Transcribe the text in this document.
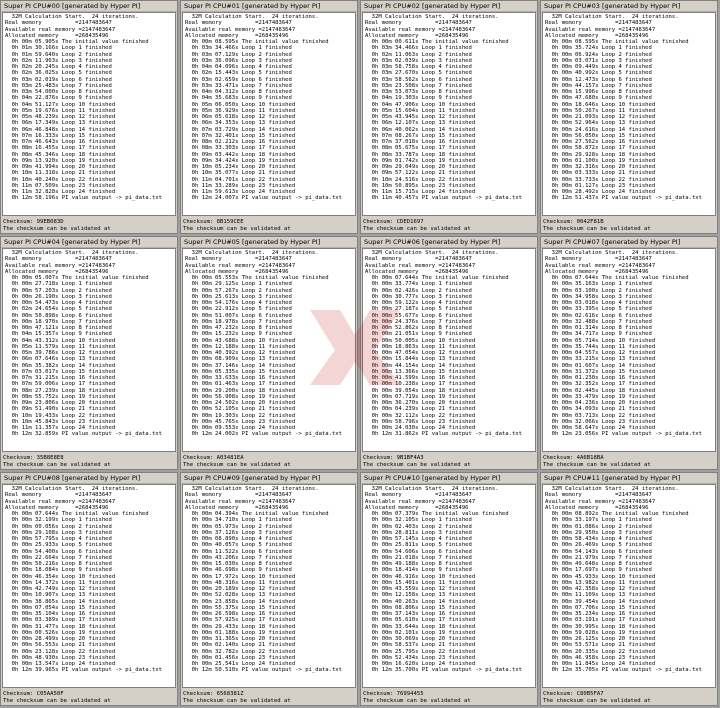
Super PI CPU#00 [generated by Hyper PI]
32M Calculation Start.  24 iterations.
Real memory          =2147483647
Available real memory =2147483647
Allocated memory     =268435496
0h 00m 05.905s The initial value finished
0h 01m 30.166s Loop 1 finished
0h 01m 59.640s Loop 2 finished
0h 02m 11.963s Loop 3 finished
0h 02m 20.245s Loop 4 finished
0h 02m 36.025s Loop 5 finished
0h 03m 02.019s Loop 6 finished
0h 03m 25.483s Loop 7 finished
0h 03m 54.000s Loop 8 finished
0h 04m 22.876s Loop 9 finished
0h 04m 51.127s Loop 10 finished
0h 05m 19.676s Loop 11 finished
0h 05m 48.239s Loop 12 finished
0h 06m 17.349s Loop 13 finished
0h 06m 46.848s Loop 14 finished
0h 07m 16.333s Loop 15 finished
0h 07m 46.643s Loop 16 finished
0h 08m 16.455s Loop 17 finished
0h 08m 45.346s Loop 18 finished
0h 09m 13.920s Loop 19 finished
0h 09m 41.994s Loop 20 finished
0h 10m 11.318s Loop 21 finished
0h 10m 40.240s Loop 22 finished
0h 11m 07.509s Loop 23 finished
0h 11m 32.828s Loop 24 finished
0h 12m 58.196s PI value output -> pi_data.txt
Checksum: 99EB083D
The checksum can be validated at
Super PI CPU#01 [generated by Hyper PI]
32M Calculation Start.  24 iterations.
Real memory          =2147483647
Available real memory =2147483647
Allocated memory     =268435496
0h 00m 08.595s The initial value finished
0h 03m 34.466s Loop 1 finished
0h 03m 07.129s Loop 2 finished
0h 03m 36.096s Loop 3 finished
0h 04m 04.096s Loop 4 finished
0h 02m 15.443s Loop 5 finished
0h 03m 02.659s Loop 6 finished
0h 03m 33.471s Loop 7 finished
0h 04m 04.312s Loop 8 finished
0h 04m 35.683s Loop 9 finished
0h 05m 06.050s Loop 10 finished
0h 05m 36.929s Loop 11 finished
0h 06m 05.618s Loop 12 finished
0h 06m 34.353s Loop 13 finished
0h 07m 03.729s Loop 14 finished
0h 07m 32.401s Loop 15 finished
0h 08m 02.212s Loop 16 finished
0h 08m 33.303s Loop 17 finished
0h 09m 03.442s Loop 18 finished
0h 09m 34.424s Loop 19 finished
0h 10m 05.234s Loop 20 finished
0h 10m 35.077s Loop 21 finished
0h 11m 04.701s Loop 22 finished
0h 11m 33.289s Loop 23 finished
0h 11m 59.613s Loop 24 finished
0h 12m 24.007s PI value output -> pi_data.txt
Checksum: 8B159CEE
The checksum can be validated at
Super PI CPU#02 [generated by Hyper PI]
32M Calculation Start.  24 iterations.
Real memory          =2147483647
Available real memory =2147483647
Allocated memory     =268435496
0h 00m 00.611s The initial value finished
0h 03m 34.466s Loop 1 finished
0h 02m 11.063s Loop 2 finished
0h 03m 02.039s Loop 3 finished
0h 03m 58.758s Loop 4 finished
0h 03m 27.670s Loop 5 finished
0h 03m 58.562s Loop 6 finished
0h 03m 23.508s Loop 7 finished
0h 03m 53.073s Loop 8 finished
0h 04m 19.303s Loop 9 finished
0h 04m 47.906s Loop 10 finished
0h 05m 15.604s Loop 11 finished
0h 05m 43.945s Loop 12 finished
0h 06m 12.107s Loop 13 finished
0h 06m 40.062s Loop 14 finished
0h 07m 08.267s Loop 15 finished
0h 07m 37.018s Loop 16 finished
0h 08m 05.675s Loop 17 finished
0h 08m 33.787s Loop 18 finished
0h 09m 01.742s Loop 19 finished
0h 09m 29.049s Loop 20 finished
0h 09m 57.122s Loop 21 finished
0h 10m 24.516s Loop 22 finished
0h 10m 50.895s Loop 23 finished
0h 11m 15.715s Loop 24 finished
0h 11m 40.457s PI value output -> pi_data.txt
Checksum: CDED1697
The checksum can be validated at
Super PI CPU#03 [generated by Hyper PI]
32M Calculation Start.  24 iterations.
Real memory          =2147483647
Available real memory =2147483647
Allocated memory     =268435496
0h 00m 08.595s The initial value finished
0h 00m 35.724s Loop 1 finished
0h 00m 06.924s Loop 2 finished
0h 00m 03.071s Loop 3 finished
0h 00m 09.449s Loop 4 finished
0h 00m 40.992s Loop 5 finished
0h 00m 12.473s Loop 6 finished
0h 00m 44.157s Loop 7 finished
0h 00m 15.996s Loop 8 finished
0h 00m 47.680s Loop 9 finished
0h 00m 18.646s Loop 10 finished
0h 00m 50.267s Loop 11 finished
0h 00m 21.093s Loop 12 finished
0h 00m 52.964s Loop 13 finished
0h 00m 24.616s Loop 14 finished
0h 00m 56.050s Loop 15 finished
0h 00m 27.562s Loop 16 finished
0h 00m 58.872s Loop 17 finished
0h 00m 29.928s Loop 18 finished
0h 00m 01.100s Loop 19 finished
0h 00m 32.316s Loop 20 finished
0h 00m 03.333s Loop 21 finished
0h 00m 33.733s Loop 22 finished
0h 00m 01.127s Loop 23 finished
0h 00m 28.492s Loop 24 finished
0h 12m 51.437s PI value output -> pi_data.txt
Checksum: 0042F81B
The checksum can be validated at
Super PI CPU#04 [generated by Hyper PI]
32M Calculation Start.  24 iterations.
Real memory          =2147483647
Available real memory =2147483647
Allocated memory     =268435496
0h 00m 05.007s The initial value finished
0h 00m 27.718s Loop 1 finished
0h 00m 57.203s Loop 2 finished
0h 00m 26.190s Loop 3 finished
0h 00m 54.473s Loop 4 finished
0h 02m 24.654s Loop 5 finished
0h 00m 50.898s Loop 6 finished
0h 00m 18.970s Loop 7 finished
0h 00m 47.121s Loop 8 finished
0h 04m 15.357s Loop 9 finished
0h 04m 43.312s Loop 10 finished
0h 05m 11.579s Loop 11 finished
0h 05m 39.786s Loop 12 finished
0h 06m 07.646s Loop 13 finished
0h 06m 35.382s Loop 14 finished
0h 07m 03.017s Loop 15 finished
0h 07m 31.215s Loop 16 finished
0h 07m 59.006s Loop 17 finished
0h 08m 27.239s Loop 18 finished
0h 08m 55.752s Loop 19 finished
0h 09m 23.806s Loop 20 finished
0h 09m 51.490s Loop 21 finished
0h 10m 19.433s Loop 22 finished
0h 10m 45.843s Loop 23 finished
0h 11m 11.357s Loop 24 finished
0h 12m 32.859s PI value output -> pi_data.txt
Checksum: 35B8E8E8
The checksum can be validated at
Super PI CPU#05 [generated by Hyper PI]
32M Calculation Start.  24 iterations.
Real memory          =2147483647
Available real memory =2147483647
Allocated memory     =268435496
0h 00m 05.553s The initial value finished
0h 00m 29.125s Loop 1 finished
0h 00m 57.267s Loop 2 finished
0h 00m 25.613s Loop 3 finished
0h 00m 54.176s Loop 4 finished
0h 00m 22.912s Loop 5 finished
0h 00m 51.007s Loop 6 finished
0h 00m 18.978s Loop 7 finished
0h 00m 47.232s Loop 8 finished
0h 00m 15.232s Loop 9 finished
0h 00m 43.688s Loop 10 finished
0h 00m 12.188s Loop 11 finished
0h 00m 40.392s Loop 12 finished
0h 00m 08.909s Loop 13 finished
0h 00m 37.146s Loop 14 finished
0h 00m 05.335s Loop 15 finished
0h 00m 33.633s Loop 16 finished
0h 00m 01.463s Loop 17 finished
0h 00m 29.200s Loop 18 finished
0h 00m 56.908s Loop 19 finished
0h 00m 24.502s Loop 20 finished
0h 00m 52.105s Loop 21 finished
0h 00m 19.303s Loop 22 finished
0h 00m 45.765s Loop 23 finished
0h 00m 09.553s Loop 24 finished
0h 12m 24.002s PI value output -> pi_data.txt
Checksum: A03481EA
The checksum can be validated at
Super PI CPU#06 [generated by Hyper PI]
32M Calculation Start.  24 iterations.
Real memory          =2147483647
Available real memory =2147483647
Allocated memory     =268435496
0h 00m 07.644s The initial value finished
0h 00m 33.774s Loop 1 finished
0h 00m 02.426s Loop 2 finished
0h 00m 30.777s Loop 3 finished
0h 00m 59.122s Loop 4 finished
0h 00m 27.187s Loop 5 finished
0h 00m 55.677s Loop 6 finished
0h 00m 24.376s Loop 7 finished
0h 00m 52.862s Loop 8 finished
0h 00m 21.051s Loop 9 finished
0h 00m 50.005s Loop 10 finished
0h 00m 18.863s Loop 11 finished
0h 00m 47.054s Loop 12 finished
0h 00m 15.844s Loop 13 finished
0h 00m 44.154s Loop 14 finished
0h 00m 13.366s Loop 15 finished
0h 00m 41.599s Loop 16 finished
0h 00m 10.238s Loop 17 finished
0h 00m 39.054s Loop 18 finished
0h 00m 07.719s Loop 19 finished
0h 00m 36.270s Loop 20 finished
0h 00m 04.239s Loop 21 finished
0h 00m 32.112s Loop 22 finished
0h 00m 58.796s Loop 23 finished
0h 00m 24.030s Loop 24 finished
0h 12m 31.862s PI value output -> pi_data.txt
Checksum: 9B1BF4A3
The checksum can be validated at
Super PI CPU#07 [generated by Hyper PI]
32M Calculation Start.  24 iterations.
Real memory          =2147483647
Available real memory =2147483647
Allocated memory     =268435496
0h 00m 07.644s The initial value finished
0h 00m 35.163s Loop 1 finished
0h 00m 03.100s Loop 2 finished
0h 00m 34.958s Loop 3 finished
0h 00m 03.018s Loop 4 finished
0h 00m 33.395s Loop 5 finished
0h 00m 02.616s Loop 6 finished
0h 00m 32.488s Loop 7 finished
0h 00m 01.314s Loop 8 finished
0h 00m 34.717s Loop 9 finished
0h 00m 05.714s Loop 10 finished
0h 00m 35.744s Loop 11 finished
0h 00m 04.557s Loop 12 finished
0h 00m 33.215s Loop 13 finished
0h 00m 01.607s Loop 14 finished
0h 00m 31.372s Loop 15 finished
0h 00m 01.230s Loop 16 finished
0h 00m 32.352s Loop 17 finished
0h 00m 02.445s Loop 18 finished
0h 00m 33.479s Loop 19 finished
0h 00m 04.236s Loop 20 finished
0h 00m 34.093s Loop 21 finished
0h 00m 03.713s Loop 22 finished
0h 00m 32.066s Loop 23 finished
0h 00m 58.647s Loop 24 finished
0h 12m 23.056s PI value output -> pi_data.txt
Checksum: 4A6B18BA
The checksum can be validated at
Super PI CPU#08 [generated by Hyper PI]
32M Calculation Start.  24 iterations.
Real memory          =2147483647
Available real memory =2147483647
Allocated memory     =268435496
0h 00m 07.644s The initial value finished
0h 00m 32.199s Loop 1 finished
0h 00m 00.056s Loop 2 finished
0h 00m 29.108s Loop 3 finished
0h 00m 57.795s Loop 4 finished
0h 00m 25.933s Loop 5 finished
0h 00m 54.400s Loop 6 finished
0h 00m 22.664s Loop 7 finished
0h 00m 50.216s Loop 8 finished
0h 00m 18.084s Loop 9 finished
0h 00m 46.354s Loop 10 finished
0h 00m 14.372s Loop 11 finished
0h 00m 42.749s Loop 12 finished
0h 00m 10.907s Loop 13 finished
0h 00m 38.865s Loop 14 finished
0h 00m 07.054s Loop 15 finished
0h 00m 35.104s Loop 16 finished
0h 00m 03.389s Loop 17 finished
0h 00m 31.477s Loop 18 finished
0h 00m 00.526s Loop 19 finished
0h 00m 28.499s Loop 20 finished
0h 00m 56.553s Loop 21 finished
0h 00m 23.128s Loop 22 finished
0h 00m 48.930s Loop 23 finished
0h 00m 13.547s Loop 24 finished
0h 12m 39.965s PI value output -> pi_data.txt
Checksum: C05AA50F
The checksum can be validated at
Super PI CPU#09 [generated by Hyper PI]
32M Calculation Start.  24 iterations.
Real memory          =2147483647
Available real memory =2147483647
Allocated memory     =268435496
0h 00m 04.394s The initial value finished
0h 00m 34.710s Loop 1 finished
0h 00m 05.973s Loop 2 finished
0h 00m 37.126s Loop 3 finished
0h 00m 08.890s Loop 4 finished
0h 00m 40.057s Loop 5 finished
0h 00m 11.522s Loop 6 finished
0h 00m 43.206s Loop 7 finished
0h 00m 15.030s Loop 8 finished
0h 00m 46.698s Loop 9 finished
0h 00m 17.972s Loop 10 finished
0h 00m 48.316s Loop 11 finished
0h 00m 20.189s Loop 12 finished
0h 00m 52.028s Loop 13 finished
0h 00m 23.858s Loop 14 finished
0h 00m 55.375s Loop 15 finished
0h 00m 26.598s Loop 16 finished
0h 00m 57.925s Loop 17 finished
0h 00m 29.433s Loop 18 finished
0h 00m 01.188s Loop 19 finished
0h 00m 31.365s Loop 20 finished
0h 00m 02.140s Loop 21 finished
0h 00m 32.782s Loop 22 finished
0h 00m 01.456s Loop 23 finished
0h 00m 25.541s Loop 24 finished
0h 12m 50.510s PI value output -> pi_data.txt
Checksum: 6568381Z
The checksum can be validated at
Super PI CPU#10 [generated by Hyper PI]
32M Calculation Start.  24 iterations.
Real memory          =2147483647
Available real memory =2147483647
Allocated memory     =268435496
0h 00m 07.379s The initial value finished
0h 00m 32.105s Loop 1 finished
0h 00m 02.403s Loop 2 finished
0h 00m 28.811s Loop 3 finished
0h 00m 57.145s Loop 4 finished
0h 00m 25.811s Loop 5 finished
0h 00m 54.606s Loop 6 finished
0h 00m 21.018s Loop 7 finished
0h 00m 49.188s Loop 8 finished
0h 00m 18.414s Loop 9 finished
0h 00m 46.916s Loop 10 finished
0h 00m 15.401s Loop 11 finished
0h 00m 43.559s Loop 12 finished
0h 00m 12.158s Loop 13 finished
0h 00m 40.263s Loop 14 finished
0h 00m 08.806s Loop 15 finished
0h 00m 37.143s Loop 16 finished
0h 00m 05.610s Loop 17 finished
0h 00m 33.644s Loop 18 finished
0h 00m 02.101s Loop 19 finished
0h 00m 30.069s Loop 20 finished
0h 00m 58.537s Loop 21 finished
0h 00m 25.795s Loop 22 finished
0h 00m 52.434s Loop 23 finished
0h 00m 16.620s Loop 24 finished
0h 12m 35.700s PI value output -> pi_data.txt
Checksum: 76994455
The checksum can be validated at
Super PI CPU#11 [generated by Hyper PI]
32M Calculation Start.  24 iterations.
Real memory          =2147483647
Available real memory =2147483647
Allocated memory     =268435496
0h 00m 08.892s The initial value finished
0h 00m 33.197s Loop 1 finished
0h 00m 01.086s Loop 2 finished
0h 00m 29.950s Loop 3 finished
0h 00m 58.434s Loop 4 finished
0h 00m 26.469s Loop 5 finished
0h 00m 54.143s Loop 6 finished
0h 00m 21.979s Loop 7 finished
0h 00m 49.648s Loop 8 finished
0h 00m 17.697s Loop 9 finished
0h 00m 45.933s Loop 10 finished
0h 00m 13.982s Loop 11 finished
0h 00m 42.358s Loop 12 finished
0h 00m 11.109s Loop 13 finished
0h 00m 39.454s Loop 14 finished
0h 00m 07.706s Loop 15 finished
0h 00m 35.234s Loop 16 finished
0h 00m 03.191s Loop 17 finished
0h 00m 30.995s Loop 18 finished
0h 00m 59.028s Loop 19 finished
0h 00m 26.125s Loop 20 finished
0h 00m 53.571s Loop 21 finished
0h 00m 20.335s Loop 22 finished
0h 00m 46.958s Loop 23 finished
0h 00m 11.845s Loop 24 finished
0h 12m 35.705s PI value output -> pi_data.txt
Checksum: C80B5FA7
The checksum can be validated at
